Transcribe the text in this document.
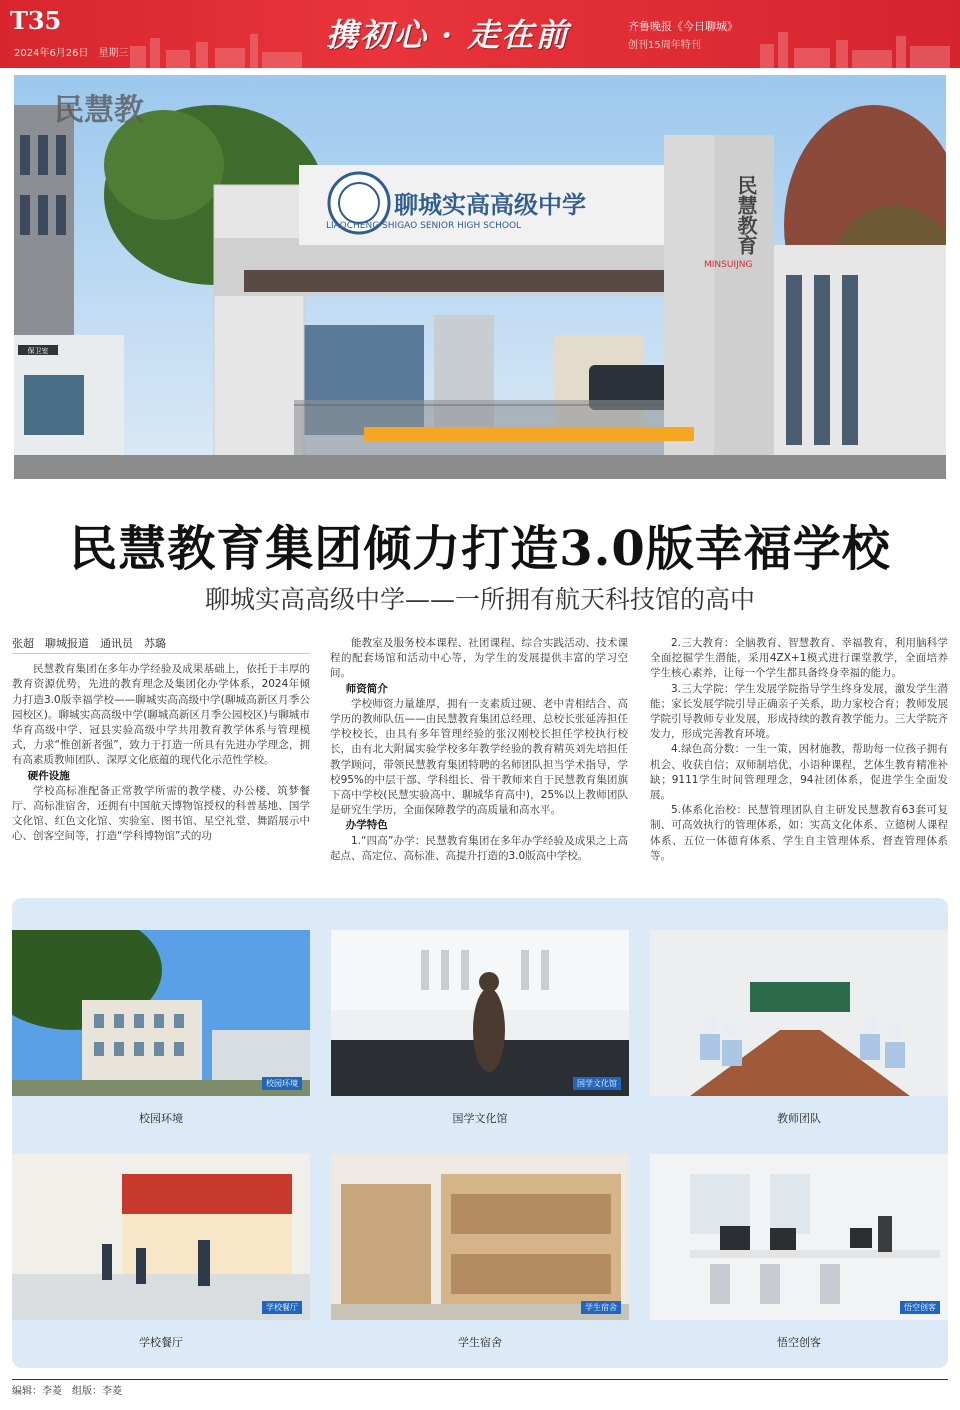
T35
2024年6月26日　星期三	携初心 · 走在前	齐鲁晚报《今日聊城》
创刊15周年特刊
保卫室
聊城实高高级中学
LIAOCHENG SHIGAO SENIOR HIGH SCHOOL	民慧教育
MINSUIJNG
民慧教
民慧教育集团倾力打造3.0版幸福学校
聊城实高高级中学——一所拥有航天科技馆的高中
张超　聊城报道　通讯员　苏璐

民慧教育集团在多年办学经验及成果基础上，依托于丰厚的教育资源优势，先进的教育理念及集团化办学体系，2024年倾力打造3.0版幸福学校——聊城实高高级中学(聊城高新区月季公园校区)。聊城实高高级中学(聊城高新区月季公园校区)与聊城市华育高级中学、冠县实验高级中学共用教育教学体系与管理模式，力求“惟创新者强”，致力于打造一所具有先进办学理念，拥有高素质教师团队、深厚文化底蕴的现代化示范性学校。

硬件设施

学校高标准配备正常教学所需的教学楼、办公楼、筑梦餐厅、高标准宿舍，还拥有中国航天博物馆授权的科普基地、国学文化馆、红色文化馆、实验室、图书馆、星空礼堂、舞蹈展示中心、创客空间等，打造“学科博物馆”式的功

能教室及服务校本课程、社团课程、综合实践活动、技术课程的配套场馆和活动中心等，为学生的发展提供丰富的学习空间。

师资简介

学校师资力量雄厚，拥有一支素质过硬、老中青相结合、高学历的教师队伍——由民慧教育集团总经理、总校长张延涛担任学校校长，由具有多年管理经验的张汉刚校长担任学校执行校长，由有北大附属实验学校多年教学经验的教育精英刘先培担任教学顾问，带领民慧教育集团特聘的名师团队担当学术指导，学校95%的中层干部、学科组长、骨干教师来自于民慧教育集团旗下高中学校(民慧实验高中、聊城华育高中)，25%以上教师团队是研究生学历，全面保障教学的高质量和高水平。

办学特色

1.“四高”办学：民慧教育集团在多年办学经验及成果之上高起点、高定位、高标准、高提升打造的3.0版高中学校。

2.三大教育：全脑教育、智慧教育、幸福教育，利用脑科学全面挖掘学生潜能，采用4ZX+1模式进行课堂教学，全面培养学生核心素养，让每一个学生都具备终身幸福的能力。

3.三大学院：学生发展学院指导学生终身发展，激发学生潜能；家长发展学院引导正确亲子关系，助力家校合育；教师发展学院引导教师专业发展，形成持续的教育教学能力。三大学院齐发力，形成完善教育环境。

4.绿色高分数：一生一策，因材施教，帮助每一位孩子拥有机会、收获自信；双师制培优，小语种课程，艺体生教育精准补缺；9111学生时间管理理念，94社团体系，促进学生全面发展。

5.体系化治校：民慧管理团队自主研发民慧教育63套可复制、可高效执行的管理体系，如：实高文化体系、立德树人课程体系、五位一体德育体系、学生自主管理体系、督查管理体系等。

校园环境
校园环境
国学文化馆
国学文化馆	教师团队
学校餐厅
学校餐厅
学生宿舍
学生宿舍
悟空创客
悟空创客
编辑：李菱　组版：李菱
